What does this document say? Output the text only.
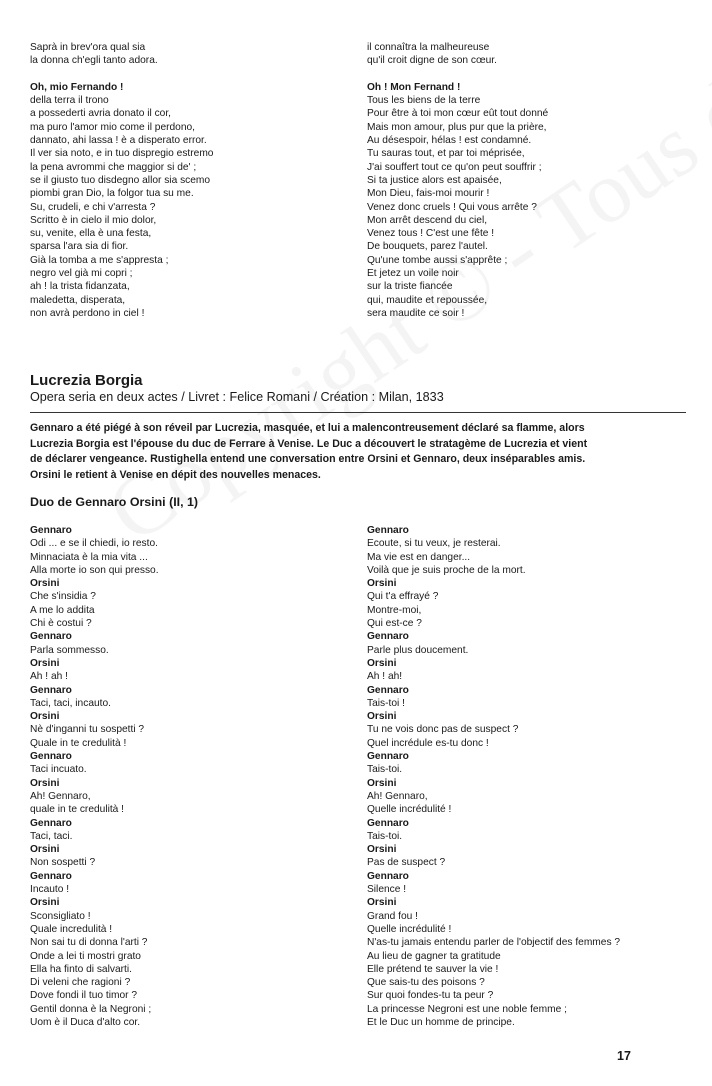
Saprà in brev'ora qual sia
la donna ch'egli tanto adora.

Oh, mio Fernando !
della terra il trono
a possederti avria donato il cor,
ma puro l'amor mio come il perdono,
dannato, ahi lassa ! è a disperato error.
Il ver sia noto, e in tuo dispregio estremo
la pena avrommi che maggior si de' ;
se il giusto tuo disdegno allor sia scemo
piombi gran Dio, la folgor tua su me.
Su, crudeli, e chi v'arresta ?
Scritto è in cielo il mio dolor,
su, venite, ella è una festa,
sparsa l'ara sia di fior.
Già la tomba a me s'appresta ;
negro vel già mi copri ;
ah ! la trista fidanzata,
maledetta, disperata,
non avrà perdono in ciel !
il connaîtra la malheureuse
qu'il croit digne de son cœur.

Oh ! Mon Fernand !
Tous les biens de la terre
Pour être à toi mon cœur eût tout donné
Mais mon amour, plus pur que la prière,
Au désespoir, hélas ! est condamné.
Tu sauras tout, et par toi méprisée,
J'ai souffert tout ce qu'on peut souffrir ;
Si ta justice alors est apaisée,
Mon Dieu, fais-moi mourir !
Venez donc cruels ! Qui vous arrête ?
Mon arrêt descend du ciel,
Venez tous ! C'est une fête !
De bouquets, parez l'autel.
Qu'une tombe aussi s'apprête ;
Et jetez un voile noir
sur la triste fiancée
qui, maudite et repoussée,
sera maudite ce soir !
Lucrezia Borgia
Opera seria en deux actes / Livret : Felice Romani / Création : Milan, 1833
Gennaro a été piégé à son réveil par Lucrezia, masquée, et lui a malencontreusement déclaré sa flamme, alors
Lucrezia Borgia est l'épouse du duc de Ferrare à Venise. Le Duc a découvert le stratagème de Lucrezia et vient
de déclarer vengeance. Rustighella entend une conversation entre Orsini et Gennaro, deux inséparables amis.
Orsini le retient à Venise en dépit des nouvelles menaces.
Duo de Gennaro Orsini (II, 1)
Gennaro
Odi ... e se il chiedi, io resto.
Minnaciata è la mia vita ...
Alla morte io son qui presso.
Orsini
Che s'insidia ?
A me lo addita
Chi è costui ?
Gennaro
Parla sommesso.
Orsini
Ah ! ah !
Gennaro
Taci, taci, incauto.
Orsini
Nè d'inganni tu sospetti ?
Quale in te credulità !
Gennaro
Taci incuato.
Orsini
Ah! Gennaro,
quale in te credulità !
Gennaro
Taci, taci.
Orsini
Non sospetti ?
Gennaro
Incauto !
Orsini
Sconsigliato !
Quale incredulità !
Non sai tu di donna l'arti ?
Onde a lei ti mostri grato
Ella ha finto di salvarti.
Di veleni che ragioni ?
Dove fondi il tuo timor ?
Gentil donna è la Negroni ;
Uom è il Duca d'alto cor.
Gennaro
Ecoute, si tu veux, je resterai.
Ma vie est en danger...
Voilà que je suis proche de la mort.
Orsini
Qui t'a effrayé ?
Montre-moi,
Qui est-ce ?
Gennaro
Parle plus doucement.
Orsini
Ah ! ah!
Gennaro
Tais-toi !
Orsini
Tu ne vois donc pas de suspect ?
Quel incrédule es-tu donc !
Gennaro
Tais-toi.
Orsini
Ah! Gennaro,
Quelle incrédulité !
Gennaro
Tais-toi.
Orsini
Pas de suspect ?
Gennaro
Silence !
Orsini
Grand fou !
Quelle incrédulité !
N'as-tu jamais entendu parler de l'objectif des femmes ?
Au lieu de gagner ta gratitude
Elle prétend te sauver la vie !
Que sais-tu des poisons ?
Sur quoi fondes-tu ta peur ?
La princesse Negroni est une noble femme ;
Et le Duc un homme de principe.
17
